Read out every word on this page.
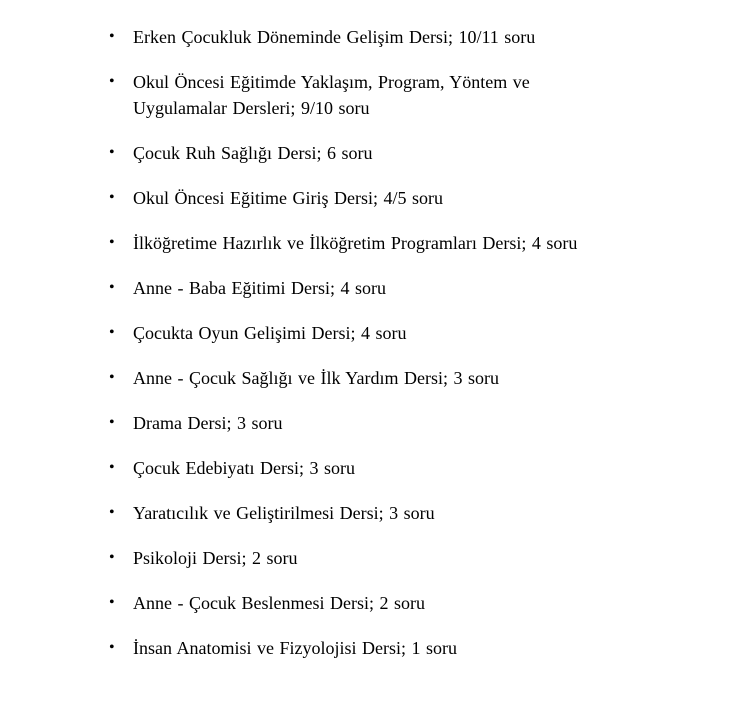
• Erken Çocukluk Döneminde Gelişim Dersi; 10/11 soru
• Okul Öncesi Eğitimde Yaklaşım, Program, Yöntem ve Uygulamalar Dersleri; 9/10 soru
• Çocuk Ruh Sağlığı Dersi; 6 soru
• Okul Öncesi Eğitime Giriş Dersi; 4/5 soru
• İlköğretime Hazırlık ve İlköğretim Programları Dersi; 4 soru
• Anne - Baba Eğitimi Dersi; 4 soru
• Çocukta Oyun Gelişimi Dersi; 4 soru
• Anne - Çocuk Sağlığı ve İlk Yardım Dersi; 3 soru
• Drama Dersi; 3 soru
• Çocuk Edebiyatı Dersi; 3 soru
• Yaratıcılık ve Geliştirilmesi Dersi; 3 soru
• Psikoloji Dersi; 2 soru
• Anne - Çocuk Beslenmesi Dersi; 2 soru
• İnsan Anatomisi ve Fizyolojisi Dersi; 1 soru
